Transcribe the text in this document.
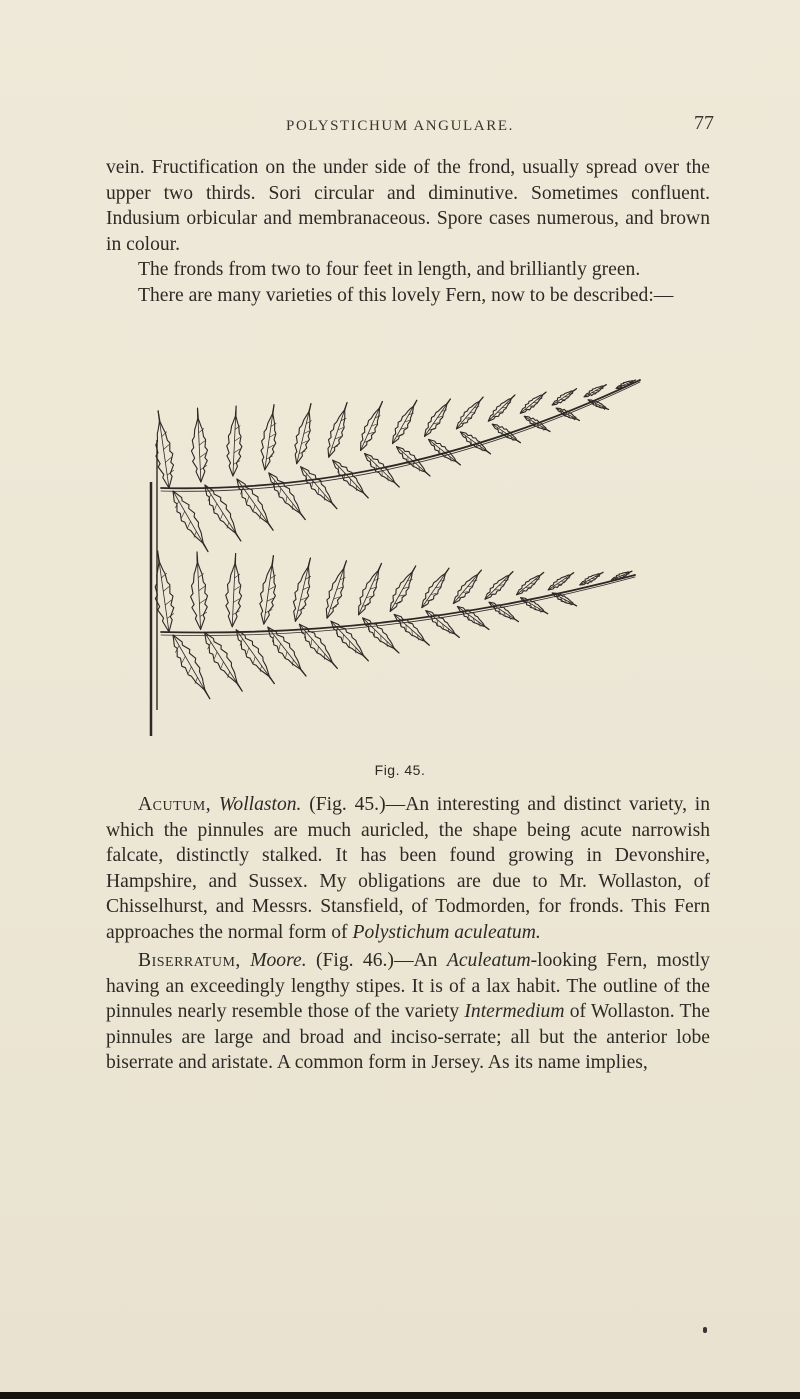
POLYSTICHUM ANGULARE.	77

vein. Fructification on the under side of the frond, usually spread over the upper two thirds. Sori circular and diminutive. Sometimes confluent. Indusium orbicular and membranaceous. Spore cases numerous, and brown in colour.

The fronds from two to four feet in length, and brilliantly green.

There are many varieties of this lovely Fern, now to be described:—

Fig. 45.

Acutum, Wollaston. (Fig. 45.)—An interesting and distinct variety, in which the pinnules are much auricled, the shape being acute narrowish falcate, distinctly stalked. It has been found growing in Devonshire, Hampshire, and Sussex. My obligations are due to Mr. Wollaston, of Chisselhurst, and Messrs. Stansfield, of Todmorden, for fronds. This Fern approaches the normal form of Polystichum aculeatum.

Biserratum, Moore. (Fig. 46.)—An Aculeatum-looking Fern, mostly having an exceedingly lengthy stipes. It is of a lax habit. The outline of the pinnules nearly resemble those of the variety Intermedium of Wollaston. The pinnules are large and broad and inciso-serrate; all but the anterior lobe biserrate and aristate. A common form in Jersey. As its name implies,
